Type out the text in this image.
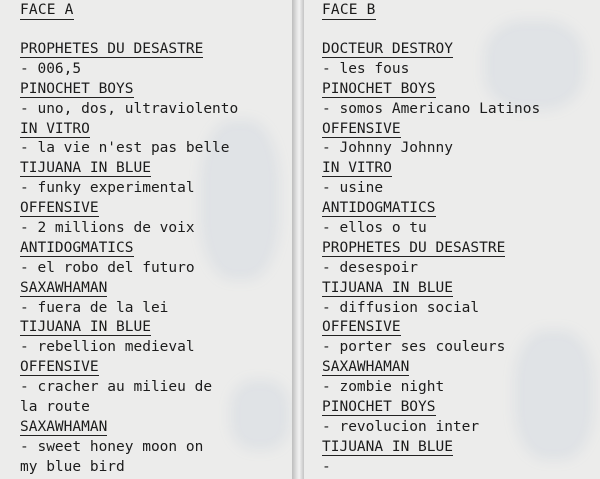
FACE A
PROPHETES DU DESASTRE
- 006,5
PINOCHET BOYS
- uno, dos, ultraviolento
IN VITRO
- la vie n'est pas belle
TIJUANA IN BLUE
- funky experimental
OFFENSIVE
- 2 millions de voix
ANTIDOGMATICS
- el robo del futuro
SAXAWHAMAN
- fuera de la lei
TIJUANA IN BLUE
- rebellion medieval
OFFENSIVE
- cracher au milieu de
la route
SAXAWHAMAN
- sweet honey moon on
my blue bird
FACE B
DOCTEUR DESTROY
- les fous
PINOCHET BOYS
- somos Americano Latinos
OFFENSIVE
- Johnny Johnny
IN VITRO
- usine
ANTIDOGMATICS
- ellos o tu
PROPHETES DU DESASTRE
- desespoir
TIJUANA IN BLUE
- diffusion social
OFFENSIVE
- porter ses couleurs
SAXAWHAMAN
- zombie night
PINOCHET BOYS
- revolucion inter
TIJUANA IN BLUE
-
